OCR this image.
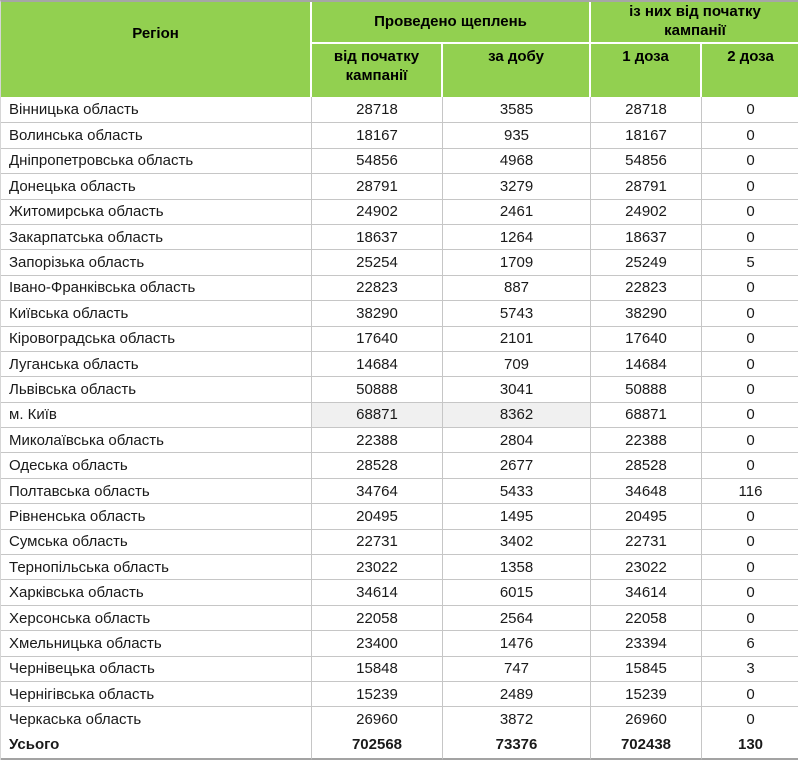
Регіон	Проведено щеплень		із них від початку кампанії	
	від початку кампанії	за добу	1 доза	2 доза
Вінницька область	28718	3585	28718	0
Волинська область	18167	935	18167	0
Дніпропетровська область	54856	4968	54856	0
Донецька область	28791	3279	28791	0
Житомирська область	24902	2461	24902	0
Закарпатська область	18637	1264	18637	0
Запорізька область	25254	1709	25249	5
Івано-Франківська область	22823	887	22823	0
Київська область	38290	5743	38290	0
Кіровоградська область	17640	2101	17640	0
Луганська область	14684	709	14684	0
Львівська область	50888	3041	50888	0
м. Київ	68871	8362	68871	0
Миколаївська область	22388	2804	22388	0
Одеська область	28528	2677	28528	0
Полтавська область	34764	5433	34648	116
Рівненська область	20495	1495	20495	0
Сумська область	22731	3402	22731	0
Тернопільська область	23022	1358	23022	0
Харківська область	34614	6015	34614	0
Херсонська область	22058	2564	22058	0
Хмельницька область	23400	1476	23394	6
Чернівецька область	15848	747	15845	3
Чернігівська область	15239	2489	15239	0
Черкаська область	26960	3872	26960	0
Усього	702568	73376	702438	130
